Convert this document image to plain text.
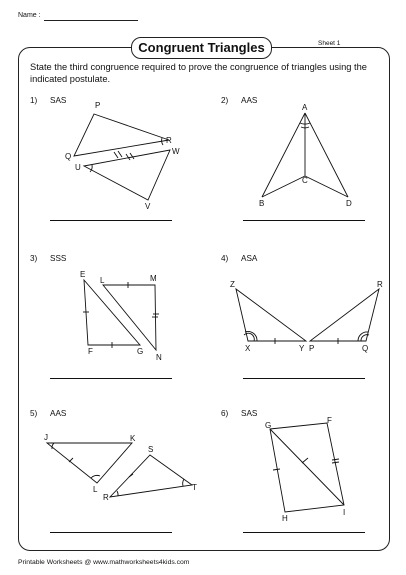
Name :
Congruent Triangles	Sheet 1
State the third congruence required to prove the congruence of triangles using the indicated postulate.
1) SAS
P
R
Q
W
U
V
2) AAS
A
C
B	D
3) SSS
E
L	M
F	G
N
4) ASA
Z	R
X	Y P	Q
5) AAS
J	K
S
L	T
R
6) SAS
G
F
H
I
Printable Worksheets @ www.mathworksheets4kids.com
